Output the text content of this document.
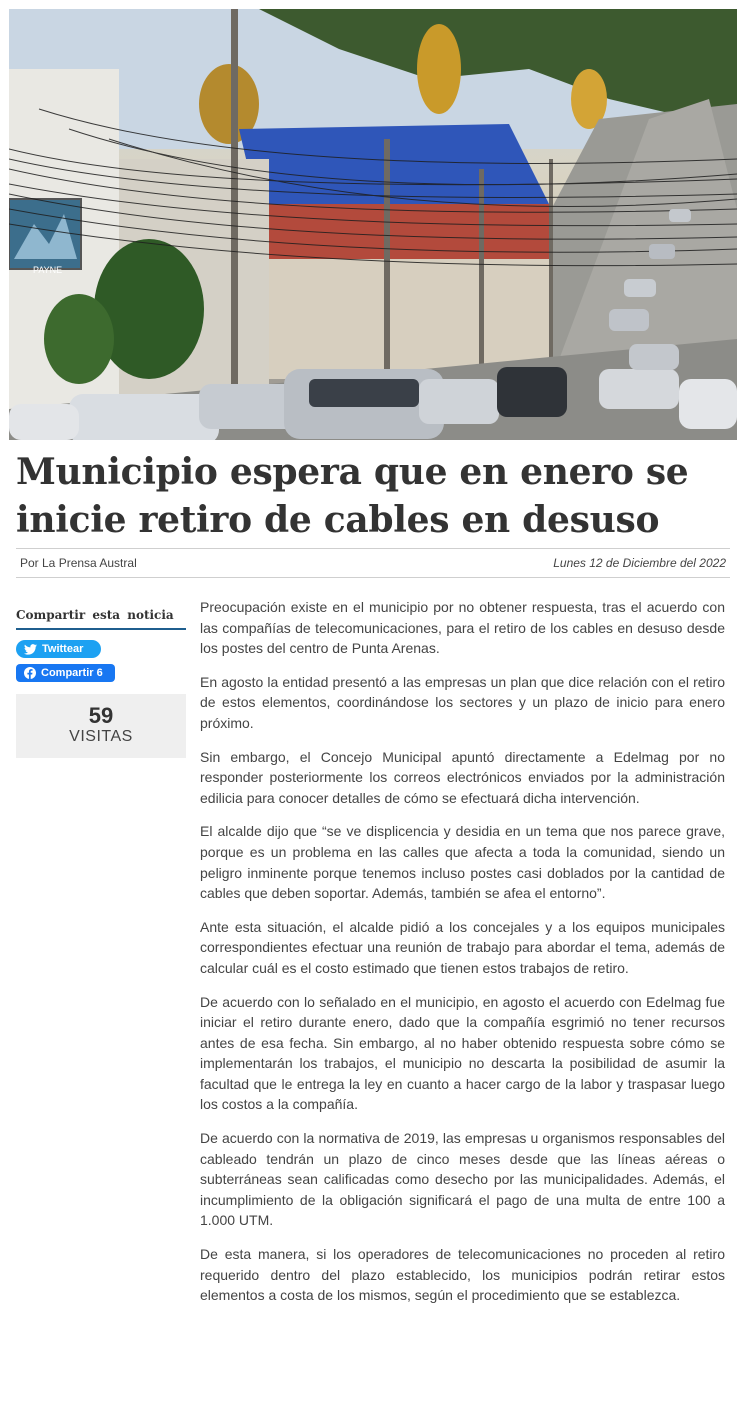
PAYNE
Municipio espera que en enero se inicie retiro de cables en desuso
Por La Prensa Austral	Lunes 12 de Diciembre del 2022
Compartir esta noticia
Twittear
Compartir 6
59
VISITAS

Preocupación existe en el municipio por no obtener respuesta, tras el acuerdo con las compañías de telecomunicaciones, para el retiro de los cables en desuso desde los postes del centro de Punta Arenas.

En agosto la entidad presentó a las empresas un plan que dice relación con el retiro de estos elementos, coordinándose los sectores y un plazo de inicio para enero próximo.

Sin embargo, el Concejo Municipal apuntó directamente a Edelmag por no responder posteriormente los correos electrónicos enviados por la administración edilicia para conocer detalles de cómo se efectuará dicha intervención.

El alcalde dijo que “se ve displicencia y desidia en un tema que nos parece grave, porque es un problema en las calles que afecta a toda la comunidad, siendo un peligro inminente porque tenemos incluso postes casi doblados por la cantidad de cables que deben soportar. Además, también se afea el entorno”.

Ante esta situación, el alcalde pidió a los concejales y a los equipos municipales correspondientes efectuar una reunión de trabajo para abordar el tema, además de calcular cuál es el costo estimado que tienen estos trabajos de retiro.

De acuerdo con lo señalado en el municipio, en agosto el acuerdo con Edelmag fue iniciar el retiro durante enero, dado que la compañía esgrimió no tener recursos antes de esa fecha. Sin embargo, al no haber obtenido respuesta sobre cómo se implementarán los trabajos, el municipio no descarta la posibilidad de asumir la facultad que le entrega la ley en cuanto a hacer cargo de la labor y traspasar luego los costos a la compañía.

De acuerdo con la normativa de 2019, las empresas u organismos responsables del cableado tendrán un plazo de cinco meses desde que las líneas aéreas o subterráneas sean calificadas como desecho por las municipalidades. Además, el incumplimiento de la obligación significará el pago de una multa de entre 100 a 1.000 UTM.

De esta manera, si los operadores de telecomunicaciones no proceden al retiro requerido dentro del plazo establecido, los municipios podrán retirar estos elementos a costa de los mismos, según el procedimiento que se establezca.
